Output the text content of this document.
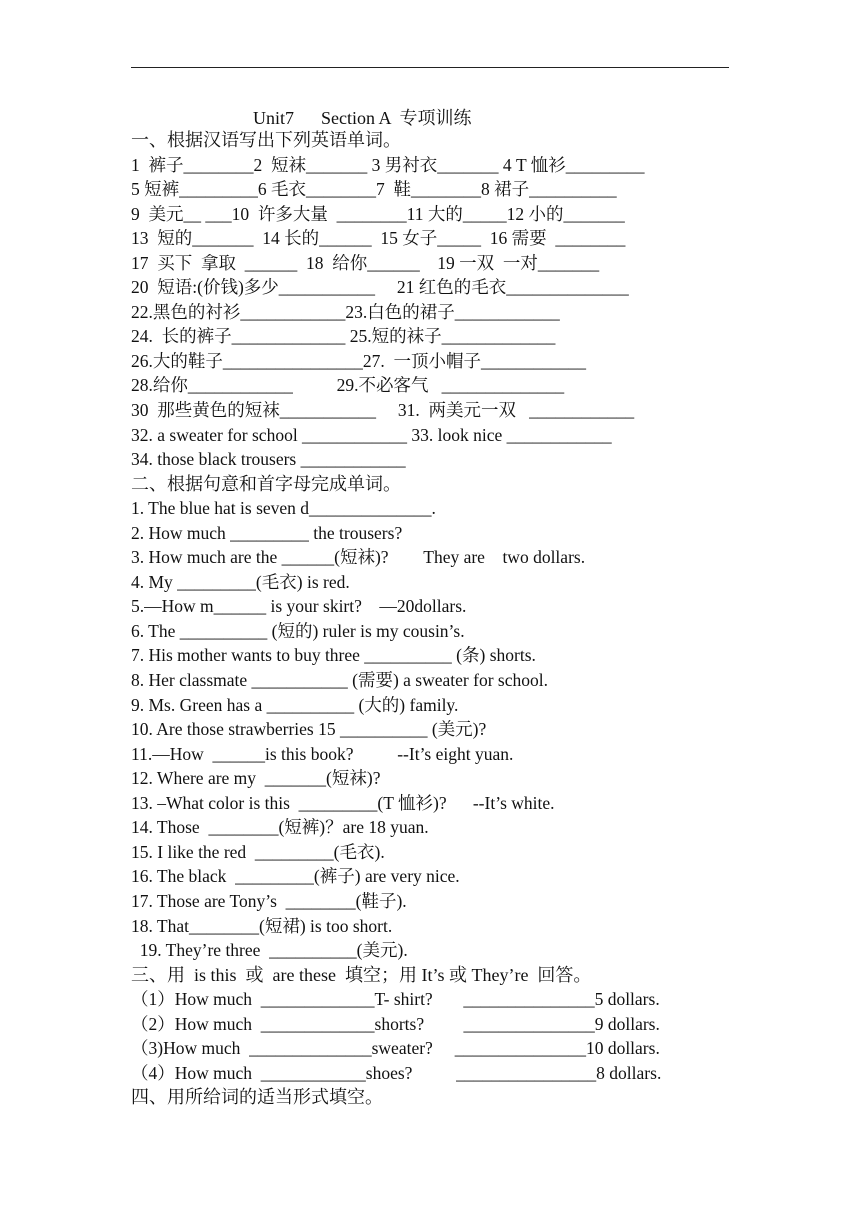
Unit7      Section A  专项训练
一、根据汉语写出下列英语单词。
1  裤子________2  短袜_______ 3 男衬衣_______ 4 T 恤衫_________
5 短裤_________6 毛衣________7  鞋________8 裙子__________
9  美元__ ___10  许多大量  ________11 大的_____12 小的_______
13  短的_______  14 长的______  15 女子_____  16 需要  ________
17  买下  拿取  ______  18  给你______    19 一双  一对_______
20  短语:(价钱)多少___________     21 红色的毛衣______________
22.黑色的衬衫____________23.白色的裙子____________
24.  长的裤子_____________ 25.短的袜子_____________
26.大的鞋子________________27.  一顶小帽子____________
28.给你____________          29.不必客气   ______________
30  那些黄色的短袜___________     31.  两美元一双   ____________
32. a sweater for school ____________ 33. look nice ____________
34. those black trousers ____________
二、根据句意和首字母完成单词。
1. The blue hat is seven d______________.
2. How much _________ the trousers?
3. How much are the ______(短袜)?        They are    two dollars.
4. My _________(毛衣) is red.
5.—How m______ is your skirt?    —20dollars.
6. The __________ (短的) ruler is my cousin’s.
7. His mother wants to buy three __________ (条) shorts.
8. Her classmate ___________ (需要) a sweater for school.
9. Ms. Green has a __________ (大的) family.
10. Are those strawberries 15 __________ (美元)?
11.—How  ______is this book?          --It’s eight yuan.
12. Where are my  _______(短袜)?
13. –What color is this  _________(T 恤衫)?      --It’s white.
14. Those  ________(短裤)？are 18 yuan.
15. I like the red  _________(毛衣).
16. The black  _________(裤子) are very nice.
17. Those are Tony’s  ________(鞋子).
18. That________(短裙) is too short.
19. They’re three  __________(美元).
三、用  is this  或  are these  填空；用 It’s 或 They’re  回答。
（1）How much  _____________T- shirt?       _______________5 dollars.
（2）How much  _____________shorts?         _______________9 dollars.
（3)How much  ______________sweater?     _______________10 dollars.
（4）How much  ____________shoes?          ________________8 dollars.
四、用所给词的适当形式填空。
